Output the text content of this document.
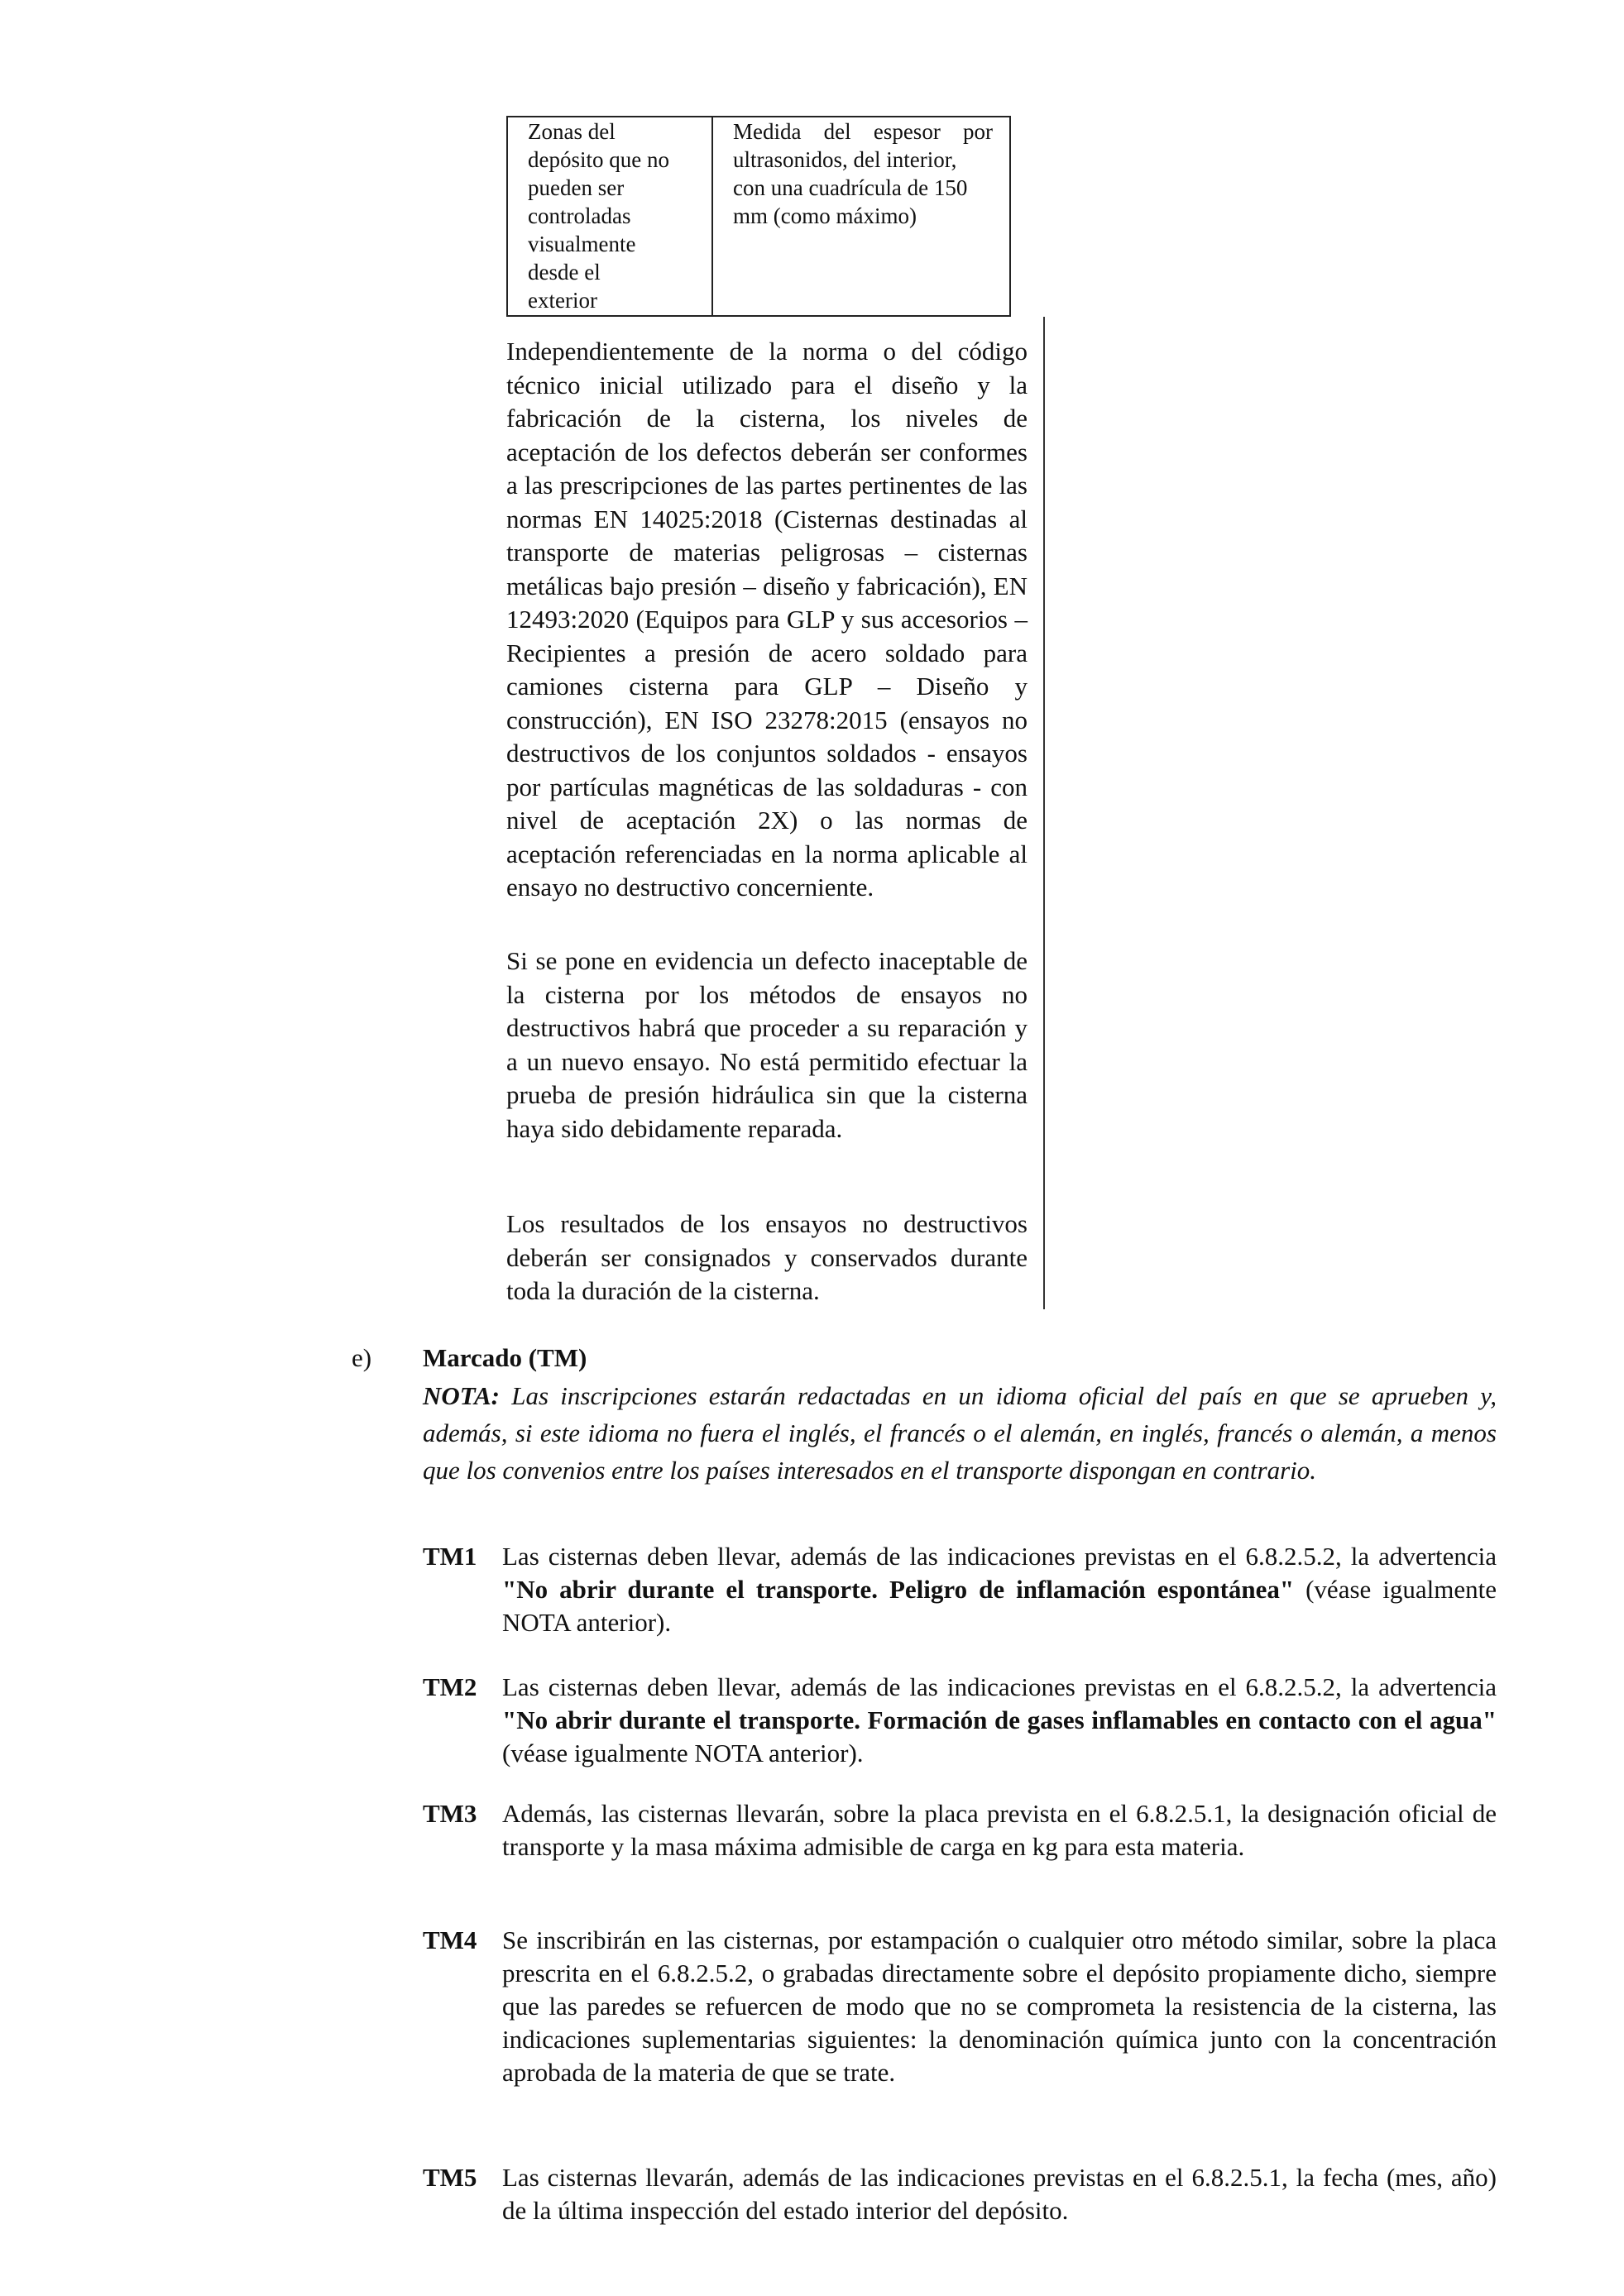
Zonas del
depósito que no
pueden ser
controladas
visualmente
desde el
exterior
Medida del espesor por
ultrasonidos, del interior,
con una cuadrícula de 150
mm (como máximo)

Independientemente de la norma o del código técnico inicial utilizado para el diseño y la fabricación de la cisterna, los niveles de aceptación de los defectos deberán ser conformes a las prescripciones de las partes pertinentes de las normas EN 14025:2018 (Cisternas destinadas al transporte de materias peligrosas – cisternas metálicas bajo presión – diseño y fabricación), EN 12493:2020 (Equipos para GLP y sus accesorios – Recipientes a presión de acero soldado para camiones cisterna para GLP – Diseño y construcción), EN ISO 23278:2015 (ensayos no destructivos de los conjuntos soldados - ensayos por partículas magnéticas de las soldaduras - con nivel de aceptación 2X) o las normas de aceptación referenciadas en la norma aplicable al ensayo no destructivo concerniente.

Si se pone en evidencia un defecto inaceptable de la cisterna por los métodos de ensayos no destructivos habrá que proceder a su reparación y a un nuevo ensayo. No está permitido efectuar la prueba de presión hidráulica sin que la cisterna haya sido debidamente reparada.

Los resultados de los ensayos no destructivos deberán ser consignados y conservados durante toda la duración de la cisterna.

e) Marcado (TM)

NOTA: Las inscripciones estarán redactadas en un idioma oficial del país en que se aprueben y, además, si este idioma no fuera el inglés, el francés o el alemán, en inglés, francés o alemán, a menos que los convenios entre los países interesados en el transporte dispongan en contrario.

TM1 Las cisternas deben llevar, además de las indicaciones previstas en el 6.8.2.5.2, la advertencia "No abrir durante el transporte. Peligro de inflamación espontánea" (véase igualmente NOTA anterior).
TM2 Las cisternas deben llevar, además de las indicaciones previstas en el 6.8.2.5.2, la advertencia "No abrir durante el transporte. Formación de gases inflamables en contacto con el agua" (véase igualmente NOTA anterior).
TM3 Además, las cisternas llevarán, sobre la placa prevista en el 6.8.2.5.1, la designación oficial de transporte y la masa máxima admisible de carga en kg para esta materia.
TM4 Se inscribirán en las cisternas, por estampación o cualquier otro método similar, sobre la placa prescrita en el 6.8.2.5.2, o grabadas directamente sobre el depósito propiamente dicho, siempre que las paredes se refuercen de modo que no se comprometa la resistencia de la cisterna, las indicaciones suplementarias siguientes: la denominación química junto con la concentración aprobada de la materia de que se trate.
TM5 Las cisternas llevarán, además de las indicaciones previstas en el 6.8.2.5.1, la fecha (mes, año) de la última inspección del estado interior del depósito.
